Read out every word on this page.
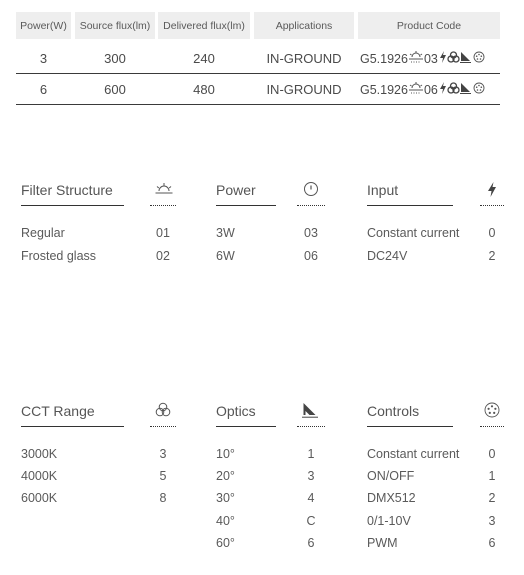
Power(W)	Source flux(lm)	Delivered flux(lm)	Applications	Product Code
3	300	240	IN-GROUND	G5.1926 03
6	600	480	IN-GROUND	G5.1926 06
Filter Structure
Regular	01
Frosted glass	02
Power
3W	03
6W	06
Input
Constant current	0
DC24V	2
CCT Range
3000K	3
4000K	5
6000K	8
Optics
10°	1
20°	3
30°	4
40°	C
60°	6
Controls
Constant current	0
ON/OFF	1
DMX512	2
0/1-10V	3
PWM	6
